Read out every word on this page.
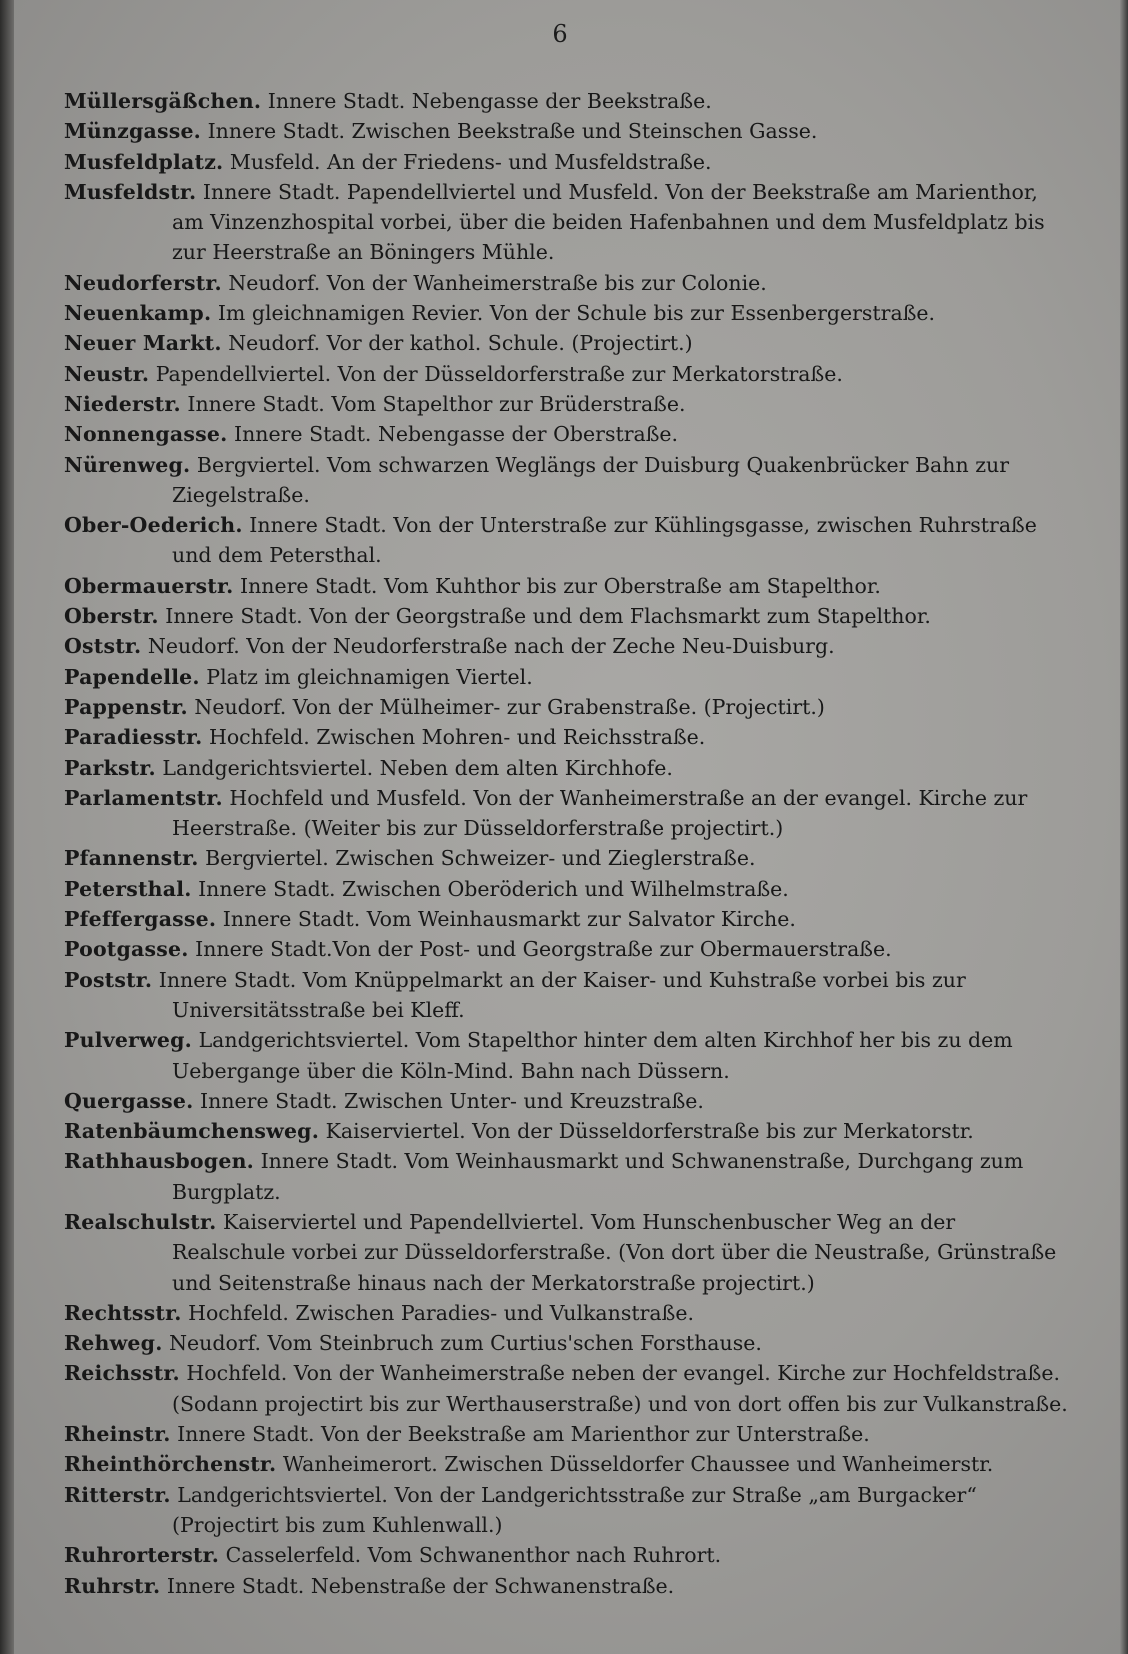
6

Müllersgäßchen. Innere Stadt. Nebengasse der Beekstraße.

Münzgasse. Innere Stadt. Zwischen Beekstraße und Steinschen Gasse.

Musfeldplatz. Musfeld. An der Friedens- und Musfeldstraße.

Musfeldstr. Innere Stadt. Papendellviertel und Musfeld. Von der Beekstraße am Marienthor, am Vinzenzhospital vorbei, über die beiden Hafenbahnen und dem Musfeldplatz bis zur Heerstraße an Böningers Mühle.

Neudorferstr. Neudorf. Von der Wanheimerstraße bis zur Colonie.

Neuenkamp. Im gleichnamigen Revier. Von der Schule bis zur Essenbergerstraße.

Neuer Markt. Neudorf. Vor der kathol. Schule. (Projectirt.)

Neustr. Papendellviertel. Von der Düsseldorferstraße zur Merkatorstraße.

Niederstr. Innere Stadt. Vom Stapelthor zur Brüderstraße.

Nonnengasse. Innere Stadt. Nebengasse der Oberstraße.

Nürenweg. Bergviertel. Vom schwarzen Weglängs der Duisburg Quakenbrücker Bahn zur Ziegelstraße.

Ober-Oederich. Innere Stadt. Von der Unterstraße zur Kühlingsgasse, zwischen Ruhrstraße und dem Petersthal.

Obermauerstr. Innere Stadt. Vom Kuhthor bis zur Oberstraße am Stapelthor.

Oberstr. Innere Stadt. Von der Georgstraße und dem Flachsmarkt zum Stapelthor.

Oststr. Neudorf. Von der Neudorferstraße nach der Zeche Neu-Duisburg.

Papendelle. Platz im gleichnamigen Viertel.

Pappenstr. Neudorf. Von der Mülheimer- zur Grabenstraße. (Projectirt.)

Paradiesstr. Hochfeld. Zwischen Mohren- und Reichsstraße.

Parkstr. Landgerichtsviertel. Neben dem alten Kirchhofe.

Parlamentstr. Hochfeld und Musfeld. Von der Wanheimerstraße an der evangel. Kirche zur Heerstraße. (Weiter bis zur Düsseldorferstraße projectirt.)

Pfannenstr. Bergviertel. Zwischen Schweizer- und Zieglerstraße.

Petersthal. Innere Stadt. Zwischen Oberöderich und Wilhelmstraße.

Pfeffergasse. Innere Stadt. Vom Weinhausmarkt zur Salvator Kirche.

Pootgasse. Innere Stadt.Von der Post- und Georgstraße zur Obermauerstraße.

Poststr. Innere Stadt. Vom Knüppelmarkt an der Kaiser- und Kuhstraße vorbei bis zur Universitätsstraße bei Kleff.

Pulverweg. Landgerichtsviertel. Vom Stapelthor hinter dem alten Kirchhof her bis zu dem Uebergange über die Köln-Mind. Bahn nach Düssern.

Quergasse. Innere Stadt. Zwischen Unter- und Kreuzstraße.

Ratenbäumchensweg. Kaiserviertel. Von der Düsseldorferstraße bis zur Merkatorstr.

Rathhausbogen. Innere Stadt. Vom Weinhausmarkt und Schwanenstraße, Durchgang zum Burgplatz.

Realschulstr. Kaiserviertel und Papendellviertel. Vom Hunschenbuscher Weg an der Realschule vorbei zur Düsseldorferstraße. (Von dort über die Neustraße, Grünstraße und Seitenstraße hinaus nach der Merkatorstraße projectirt.)

Rechtsstr. Hochfeld. Zwischen Paradies- und Vulkanstraße.

Rehweg. Neudorf. Vom Steinbruch zum Curtius'schen Forsthause.

Reichsstr. Hochfeld. Von der Wanheimerstraße neben der evangel. Kirche zur Hochfeldstraße. (Sodann projectirt bis zur Werthauserstraße) und von dort offen bis zur Vulkanstraße.

Rheinstr. Innere Stadt. Von der Beekstraße am Marienthor zur Unterstraße.

Rheinthörchenstr. Wanheimerort. Zwischen Düsseldorfer Chaussee und Wanheimerstr.

Ritterstr. Landgerichtsviertel. Von der Landgerichtsstraße zur Straße „am Burgacker“ (Projectirt bis zum Kuhlenwall.)

Ruhrorterstr. Casselerfeld. Vom Schwanenthor nach Ruhrort.

Ruhrstr. Innere Stadt. Nebenstraße der Schwanenstraße.
